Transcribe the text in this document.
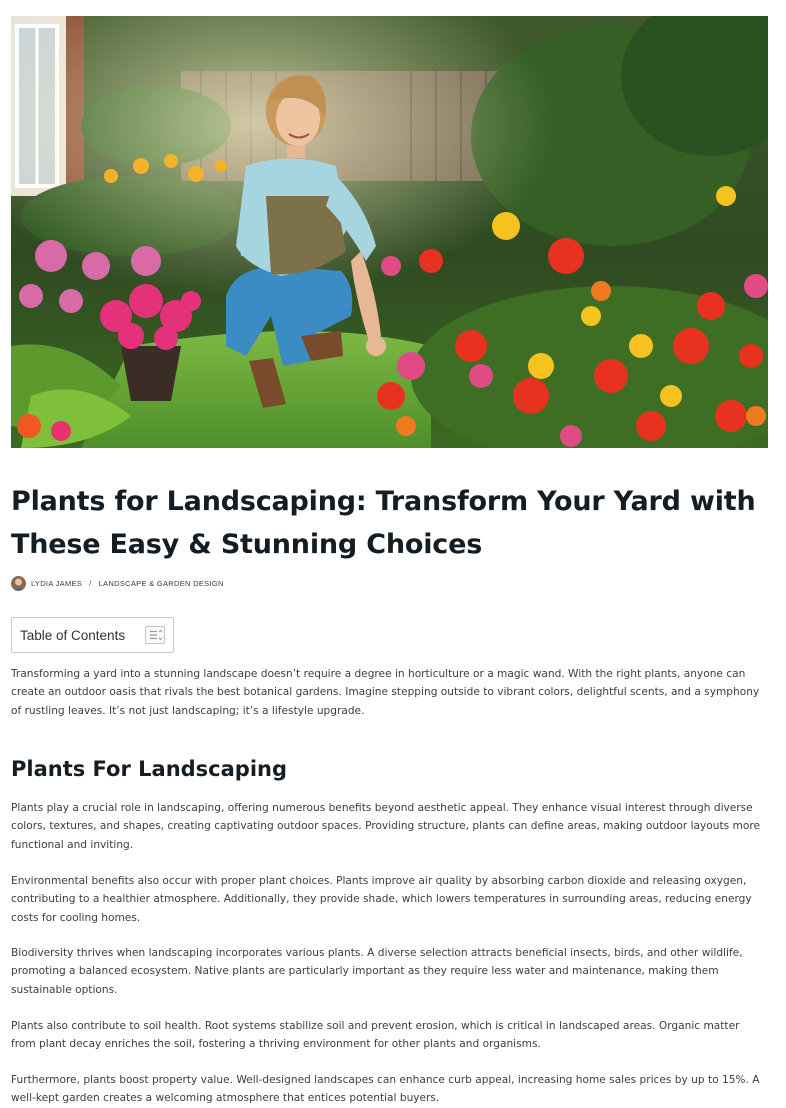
Plants for Landscaping: Transform Your Yard with These Easy & Stunning Choices
LYDIA JAMES / LANDSCAPE & GARDEN DESIGN
Table of Contents

Transforming a yard into a stunning landscape doesn’t require a degree in horticulture or a magic wand. With the right plants, anyone can create an outdoor oasis that rivals the best botanical gardens. Imagine stepping outside to vibrant colors, delightful scents, and a symphony of rustling leaves. It’s not just landscaping; it’s a lifestyle upgrade.

Plants For Landscaping

Plants play a crucial role in landscaping, offering numerous benefits beyond aesthetic appeal. They enhance visual interest through diverse colors, textures, and shapes, creating captivating outdoor spaces. Providing structure, plants can define areas, making outdoor layouts more functional and inviting.

Environmental benefits also occur with proper plant choices. Plants improve air quality by absorbing carbon dioxide and releasing oxygen, contributing to a healthier atmosphere. Additionally, they provide shade, which lowers temperatures in surrounding areas, reducing energy costs for cooling homes.

Biodiversity thrives when landscaping incorporates various plants. A diverse selection attracts beneficial insects, birds, and other wildlife, promoting a balanced ecosystem. Native plants are particularly important as they require less water and maintenance, making them sustainable options.

Plants also contribute to soil health. Root systems stabilize soil and prevent erosion, which is critical in landscaped areas. Organic matter from plant decay enriches the soil, fostering a thriving environment for other plants and organisms.

Furthermore, plants boost property value. Well-designed landscapes can enhance curb appeal, increasing home sales prices by up to 15%. A well-kept garden creates a welcoming atmosphere that entices potential buyers.
